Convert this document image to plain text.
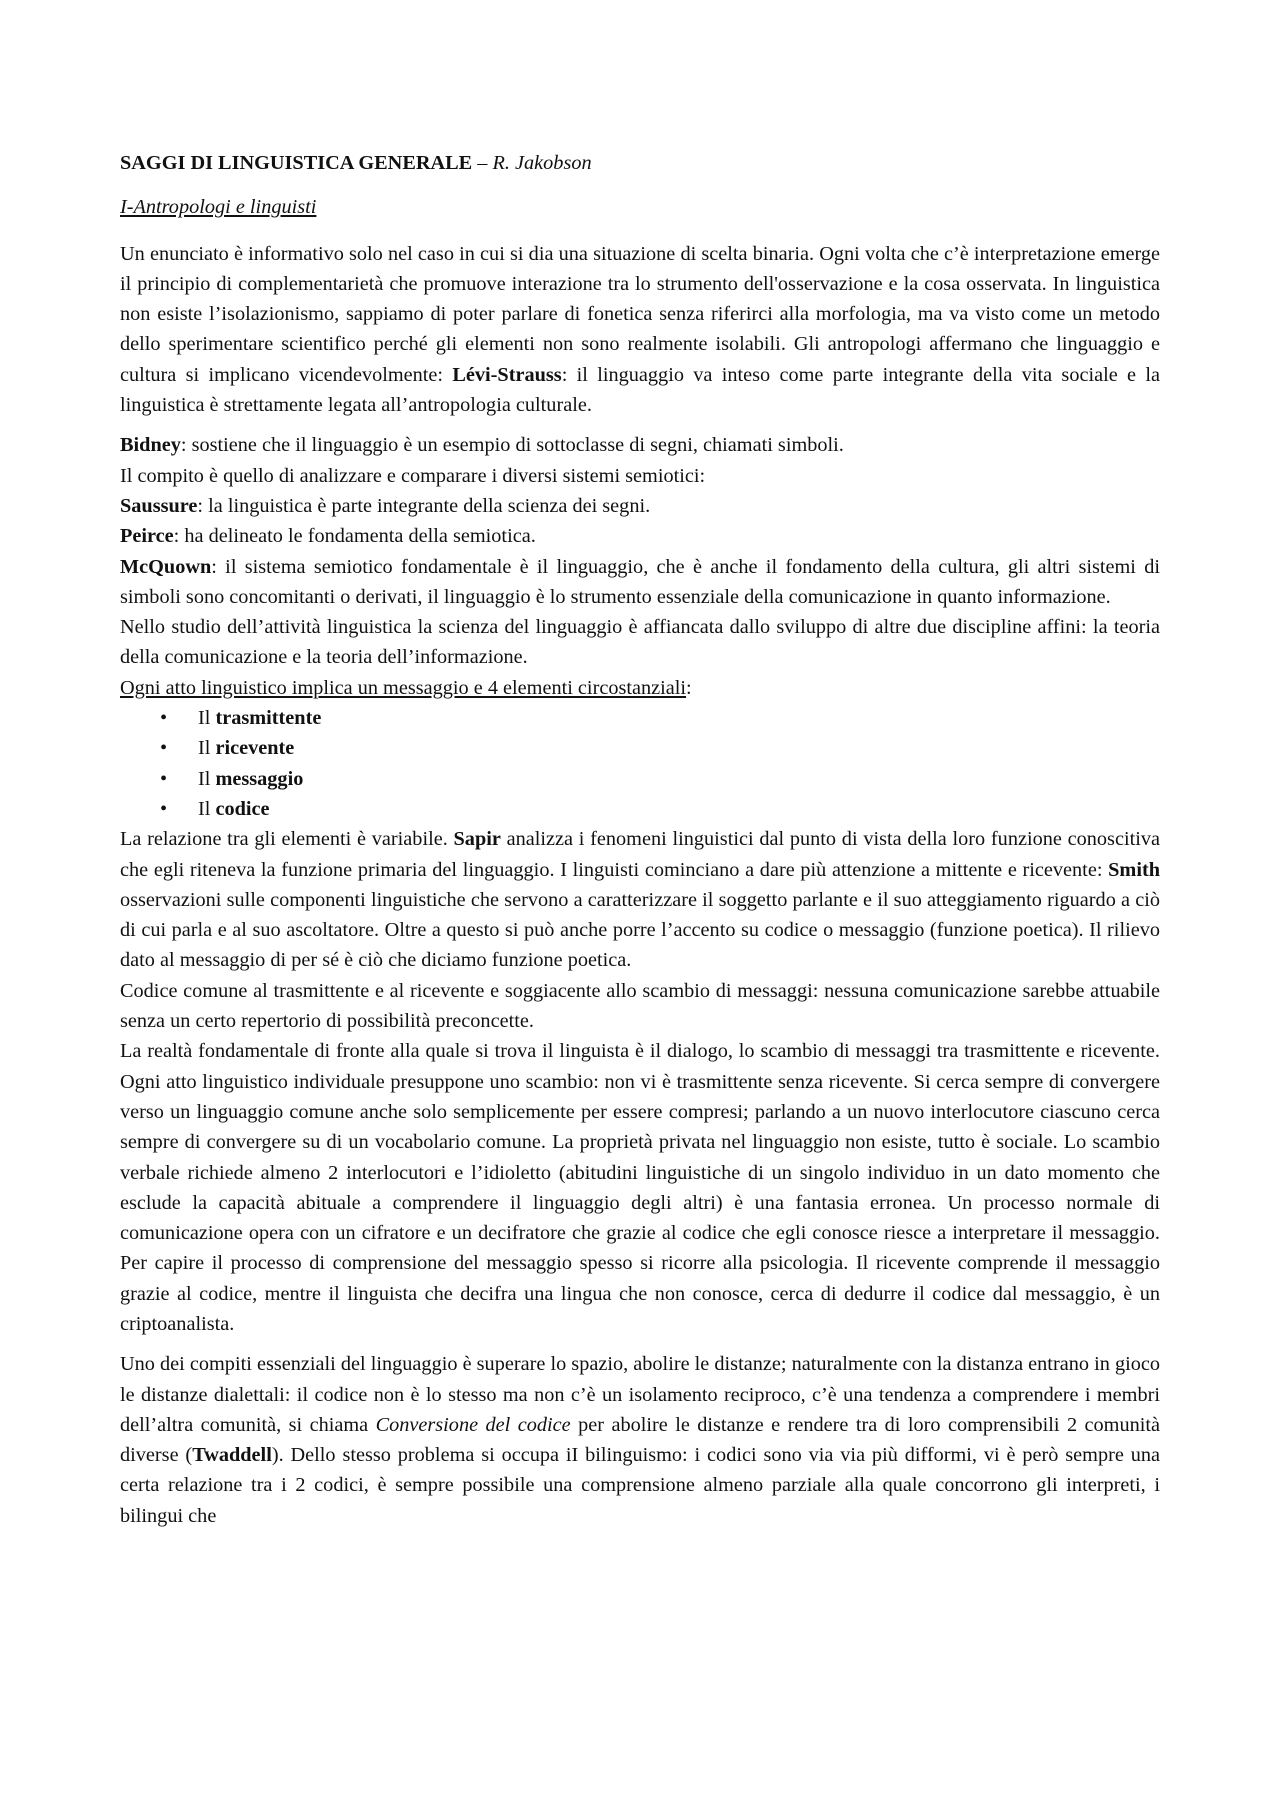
SAGGI DI LINGUISTICA GENERALE – R. Jakobson
I-Antropologi e linguisti

Un enunciato è informativo solo nel caso in cui si dia una situazione di scelta binaria. Ogni volta che c’è interpretazione emerge il principio di complementarietà che promuove interazione tra lo strumento dell'osservazione e la cosa osservata. In linguistica non esiste l’isolazionismo, sappiamo di poter parlare di fonetica senza riferirci alla morfologia, ma va visto come un metodo dello sperimentare scientifico perché gli elementi non sono realmente isolabili. Gli antropologi affermano che linguaggio e cultura si implicano vicendevolmente: Lévi-Strauss: il linguaggio va inteso come parte integrante della vita sociale e la linguistica è strettamente legata all’antropologia culturale.

Bidney: sostiene che il linguaggio è un esempio di sottoclasse di segni, chiamati simboli.

Il compito è quello di analizzare e comparare i diversi sistemi semiotici:

Saussure: la linguistica è parte integrante della scienza dei segni.

Peirce: ha delineato le fondamenta della semiotica.

McQuown: il sistema semiotico fondamentale è il linguaggio, che è anche il fondamento della cultura, gli altri sistemi di simboli sono concomitanti o derivati, il linguaggio è lo strumento essenziale della comunicazione in quanto informazione.

Nello studio dell’attività linguistica la scienza del linguaggio è affiancata dallo sviluppo di altre due discipline affini: la teoria della comunicazione e la teoria dell’informazione.

Ogni atto linguistico implica un messaggio e 4 elementi circostanziali:

• Il trasmittente
• Il ricevente
• Il messaggio
• Il codice

La relazione tra gli elementi è variabile. Sapir analizza i fenomeni linguistici dal punto di vista della loro funzione conoscitiva che egli riteneva la funzione primaria del linguaggio. I linguisti cominciano a dare più attenzione a mittente e ricevente: Smith osservazioni sulle componenti linguistiche che servono a caratterizzare il soggetto parlante e il suo atteggiamento riguardo a ciò di cui parla e al suo ascoltatore. Oltre a questo si può anche porre l’accento su codice o messaggio (funzione poetica). Il rilievo dato al messaggio di per sé è ciò che diciamo funzione poetica.

Codice comune al trasmittente e al ricevente e soggiacente allo scambio di messaggi: nessuna comunicazione sarebbe attuabile senza un certo repertorio di possibilità preconcette.

La realtà fondamentale di fronte alla quale si trova il linguista è il dialogo, lo scambio di messaggi tra trasmittente e ricevente. Ogni atto linguistico individuale presuppone uno scambio: non vi è trasmittente senza ricevente. Si cerca sempre di convergere verso un linguaggio comune anche solo semplicemente per essere compresi; parlando a un nuovo interlocutore ciascuno cerca sempre di convergere su di un vocabolario comune. La proprietà privata nel linguaggio non esiste, tutto è sociale. Lo scambio verbale richiede almeno 2 interlocutori e l’idioletto (abitudini linguistiche di un singolo individuo in un dato momento che esclude la capacità abituale a comprendere il linguaggio degli altri) è una fantasia erronea. Un processo normale di comunicazione opera con un cifratore e un decifratore che grazie al codice che egli conosce riesce a interpretare il messaggio. Per capire il processo di comprensione del messaggio spesso si ricorre alla psicologia. Il ricevente comprende il messaggio grazie al codice, mentre il linguista che decifra una lingua che non conosce, cerca di dedurre il codice dal messaggio, è un criptoanalista.

Uno dei compiti essenziali del linguaggio è superare lo spazio, abolire le distanze; naturalmente con la distanza entrano in gioco le distanze dialettali: il codice non è lo stesso ma non c’è un isolamento reciproco, c’è una tendenza a comprendere i membri dell’altra comunità, si chiama Conversione del codice per abolire le distanze e rendere tra di loro comprensibili 2 comunità diverse (Twaddell). Dello stesso problema si occupa iI bilinguismo: i codici sono via via più difformi, vi è però sempre una certa relazione tra i 2 codici, è sempre possibile una comprensione almeno parziale alla quale concorrono gli interpreti, i bilingui che
